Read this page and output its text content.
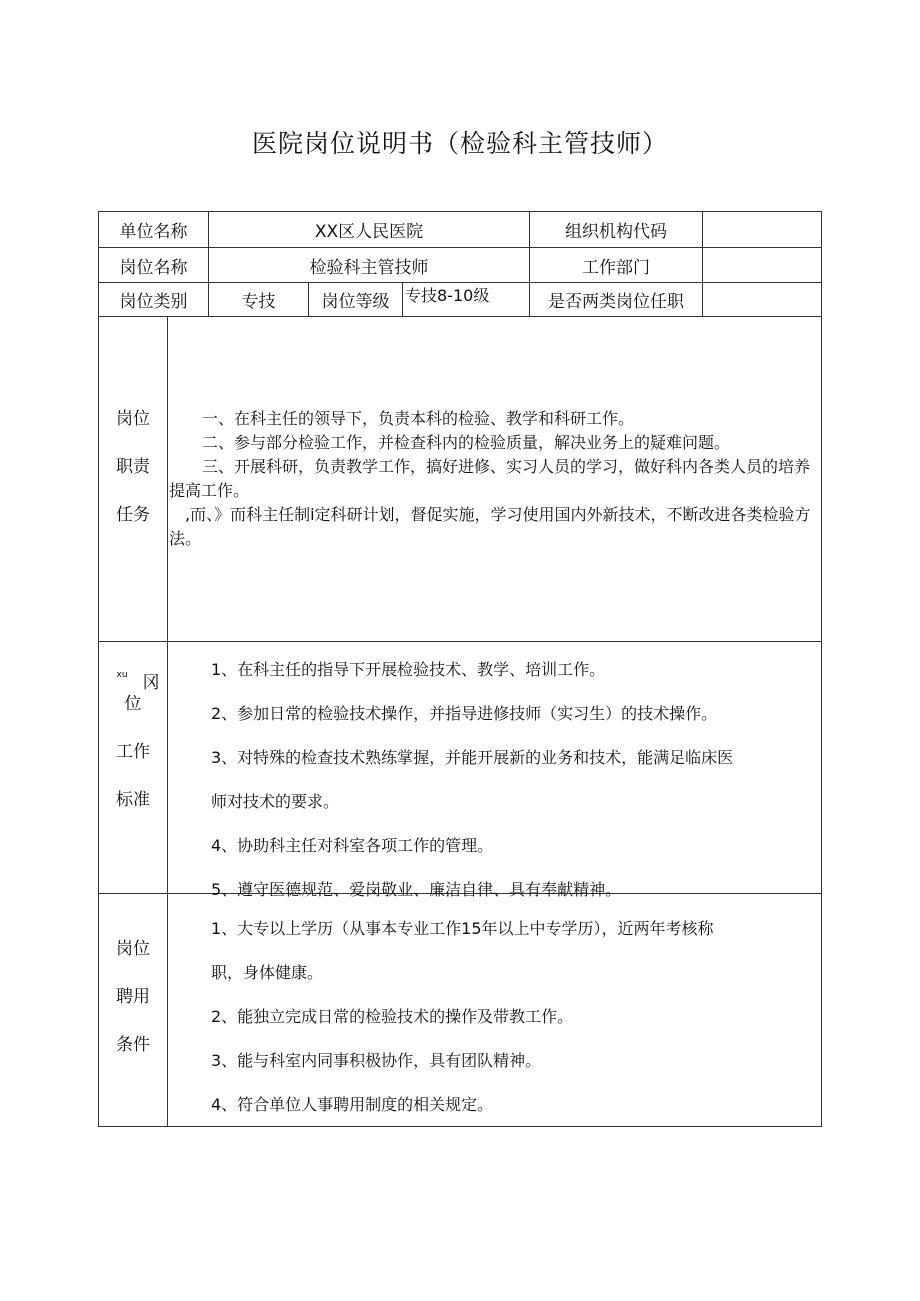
医院岗位说明书（检验科主管技师）
单位名称	XX区人民医院	组织机构代码
岗位名称	检验科主管技师	工作部门
岗位类别	专技	岗位等级 专技8-10级	是否两类岗位任职
岗位
职责
任务

一、在科主任的领导下，负责本科的检验、教学和科研工作。

二、参与部分检验工作，并检查科内的检验质量，解决业务上的疑难问题。

三、开展科研，负责教学工作，搞好进修、实习人员的学习，做好科内各类人员的培养提高工作。

,而、》而科主任制i定科研计划，督促实施，学习使用国内外新技术，不断改进各类检验方法。

xu 冈
位
工作
标准

1、在科主任的指导下开展检验技术、教学、培训工作。

2、参加日常的检验技术操作，并指导进修技师（实习生）的技术操作。

3、对特殊的检查技术熟练掌握，并能开展新的业务和技术，能满足临床医

师对技术的要求。

4、协助科主任对科室各项工作的管理。

5、遵守医德规范、爱岗敬业、廉洁自律、具有奉献精神。

岗位
聘用
条件

1、大专以上学历（从事本专业工作15年以上中专学历），近两年考核称

职，身体健康。

2、能独立完成日常的检验技术的操作及带教工作。

3、能与科室内同事积极协作，具有团队精神。

4、符合单位人事聘用制度的相关规定。
